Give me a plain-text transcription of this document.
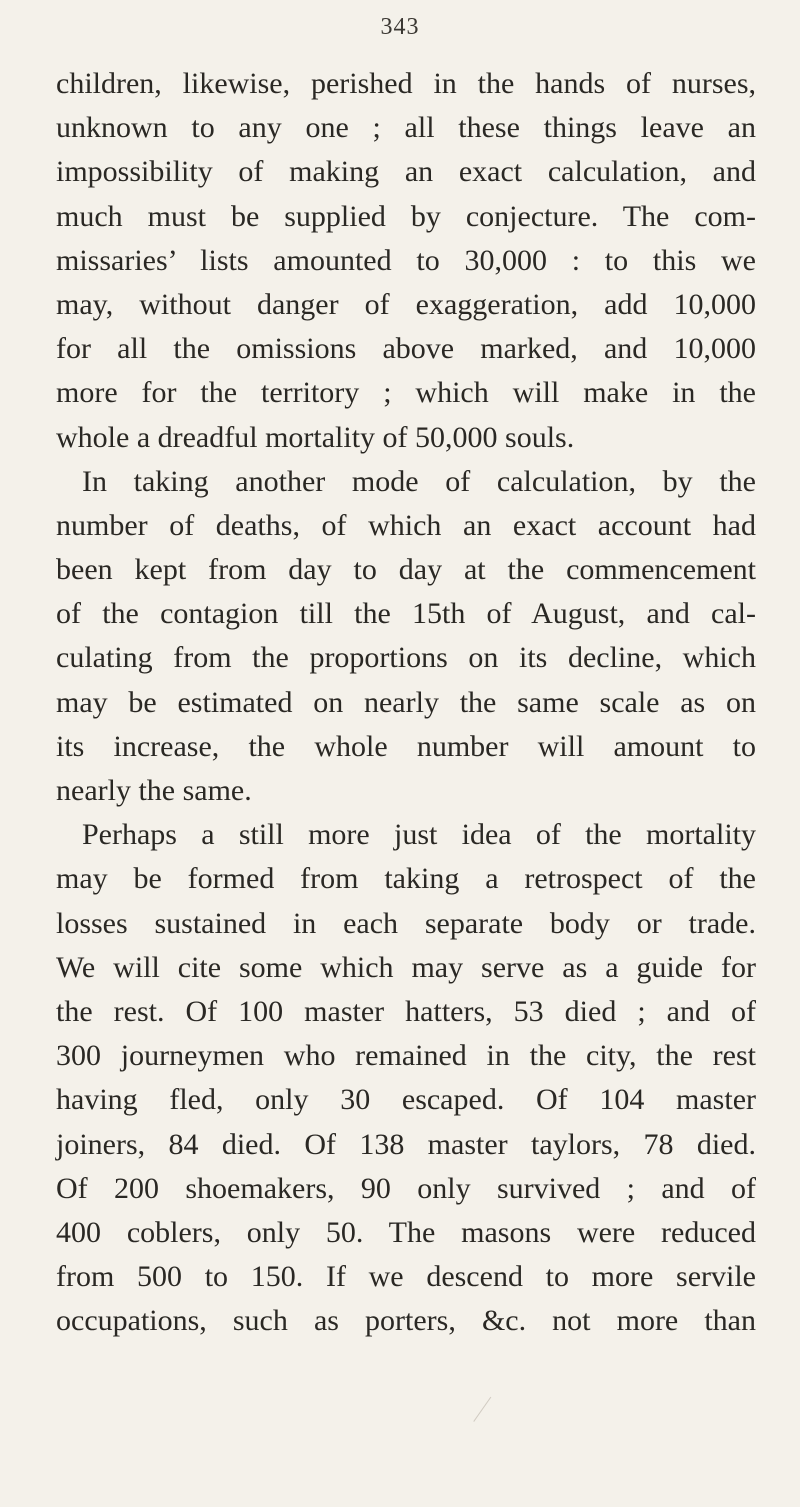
343
children, likewise, perished in the hands of nurses,
unknown to any one ; all these things leave an
impossibility of making an exact calculation, and
much must be supplied by conjecture. The com-
missaries’ lists amounted to 30,000 : to this we
may, without danger of exaggeration, add 10,000
for all the omissions above marked, and 10,000
more for the territory ; which will make in the
whole a dreadful mortality of 50,000 souls.
In taking another mode of calculation, by the
number of deaths, of which an exact account had
been kept from day to day at the commencement
of the contagion till the 15th of August, and cal-
culating from the proportions on its decline, which
may be estimated on nearly the same scale as on
its increase, the whole number will amount to
nearly the same.
Perhaps a still more just idea of the mortality
may be formed from taking a retrospect of the
losses sustained in each separate body or trade.
We will cite some which may serve as a guide for
the rest. Of 100 master hatters, 53 died ; and of
300 journeymen who remained in the city, the rest
having fled, only 30 escaped. Of 104 master
joiners, 84 died. Of 138 master taylors, 78 died.
Of 200 shoemakers, 90 only survived ; and of
400 coblers, only 50. The masons were reduced
from 500 to 150. If we descend to more servile
occupations, such as porters, &c. not more than
